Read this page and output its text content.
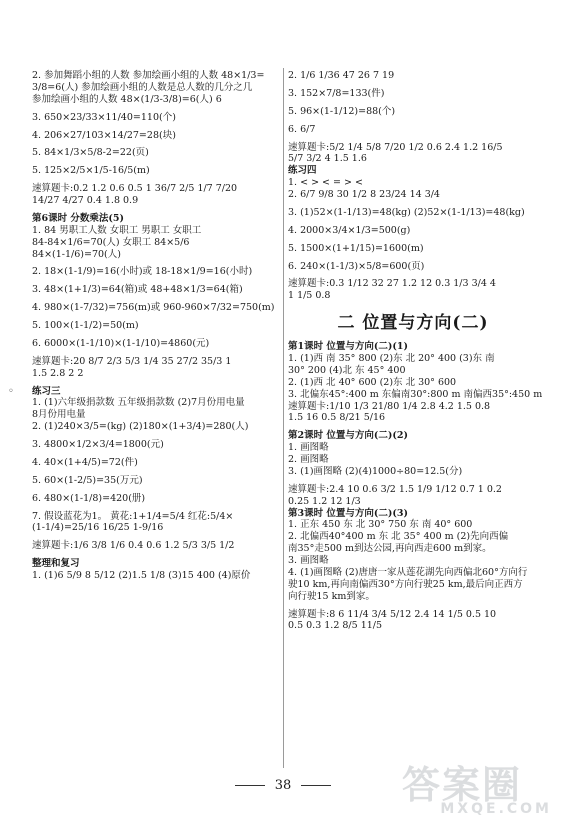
◦

2. 参加舞蹈小组的人数 参加绘画小组的人数 48×1/3=

3/8=6(人) 参加绘画小组的人数是总人数的几分之几

参加绘画小组的人数 48×(1/3-3/8)=6(人) 6

3. 650×23/33×11/40=110(个)

4. 206×27/103×14/27=28(块)

5. 84×1/3×5/8-2=22(页)

5. 125×2/5×1/5-16/5(m)

速算题卡:0.2 1.2 0.6 0.5 1 36/7 2/5 1/7 7/20

14/27 4/27 0.4 1.8 0.9

第6课时 分数乘法(5)

1. 84 男职工人数 女职工 男职工 女职工

84-84×1/6=70(人) 女职工 84×5/6

84×(1-1/6)=70(人)

2. 18×(1-1/9)=16(小时)或 18-18×1/9=16(小时)

3. 48×(1+1/3)=64(箱)或 48+48×1/3=64(箱)

4. 980×(1-7/32)=756(m)或 960-960×7/32=750(m)

5. 100×(1-1/2)=50(m)

6. 6000×(1-1/10)×(1-1/10)=4860(元)

速算题卡:20 8/7 2/3 5/3 1/4 35 27/2 35/3 1

1.5 2.8 2 2

练习三

1. (1)六年级捐款数 五年级捐款数 (2)7月份用电量

8月份用电量

2. (1)240×3/5=(kg) (2)180×(1+3/4)=280(人)

3. 4800×1/2×3/4=1800(元)

4. 40×(1+4/5)=72(件)

5. 60×(1-2/5)=35(万元)

6. 480×(1-1/8)=420(册)

7. 假设蓝花为1。 黄花:1+1/4=5/4 红花:5/4×

(1-1/4)=25/16 16/25 1-9/16

速算题卡:1/6 3/8 1/6 0.4 0.6 1.2 5/3 3/5 1/2

整理和复习

1. (1)6 5/9 8 5/12 (2)1.5 1/8 (3)15 400 (4)原价

2. 1/6 1/36 47 26 7 19

3. 152×7/8=133(件)

5. 96×(1-1/12)=88(个)

6. 6/7

速算题卡:5/2 1/4 5/8 7/20 1/2 0.6 2.4 1.2 16/5

5/7 3/2 4 1.5 1.6

练习四

1. < > < = > <

2. 6/7 9/8 30 1/2 8 23/24 14 3/4

3. (1)52×(1-1/13)=48(kg) (2)52×(1-1/13)=48(kg)

4. 2000×3/4×1/3=500(g)

5. 1500×(1+1/15)=1600(m)

6. 240×(1-1/3)×5/8=600(页)

速算题卡:0.3 1/12 32 27 1.2 12 0.3 1/3 3/4 4

1 1/5 0.8

二 位置与方向(二)

第1课时 位置与方向(二)(1)

1. (1)西 南 35° 800 (2)东 北 20° 400 (3)东 南

30° 200 (4)北 东 45° 400

2. (1)西 北 40° 600 (2)东 北 30° 600

3. 北偏东45°:400 m 东偏南30°:800 m 南偏西35°:450 m

速算题卡:1/10 1/3 21/80 1/4 2.8 4.2 1.5 0.8

1.5 16 0.5 8/21 5/16

第2课时 位置与方向(二)(2)

1. 画图略

2. 画图略

3. (1)画图略 (2)(4)1000÷80=12.5(分)

速算题卡:2.4 10 0.6 3/2 1.5 1/9 1/12 0.7 1 0.2

0.25 1.2 12 1/3

第3课时 位置与方向(二)(3)

1. 正东 450 东 北 30° 750 东 南 40° 600

2. 北偏西40°400 m 东 北 35° 400 m (2)先向西偏

南35°走500 m到达公园,再向西走600 m到家。

3. 画图略

4. (1)画图略 (2)唐唐一家从莲花湖先向西偏北60°方向行

驶10 km,再向南偏西30°方向行驶25 km,最后向正西方

向行驶15 km到家。

速算题卡:8 6 11/4 3/4 5/12 2.4 14 1/5 0.5 10

0.5 0.3 1.2 8/5 11/5

38	答案圈
MXQE.COM
